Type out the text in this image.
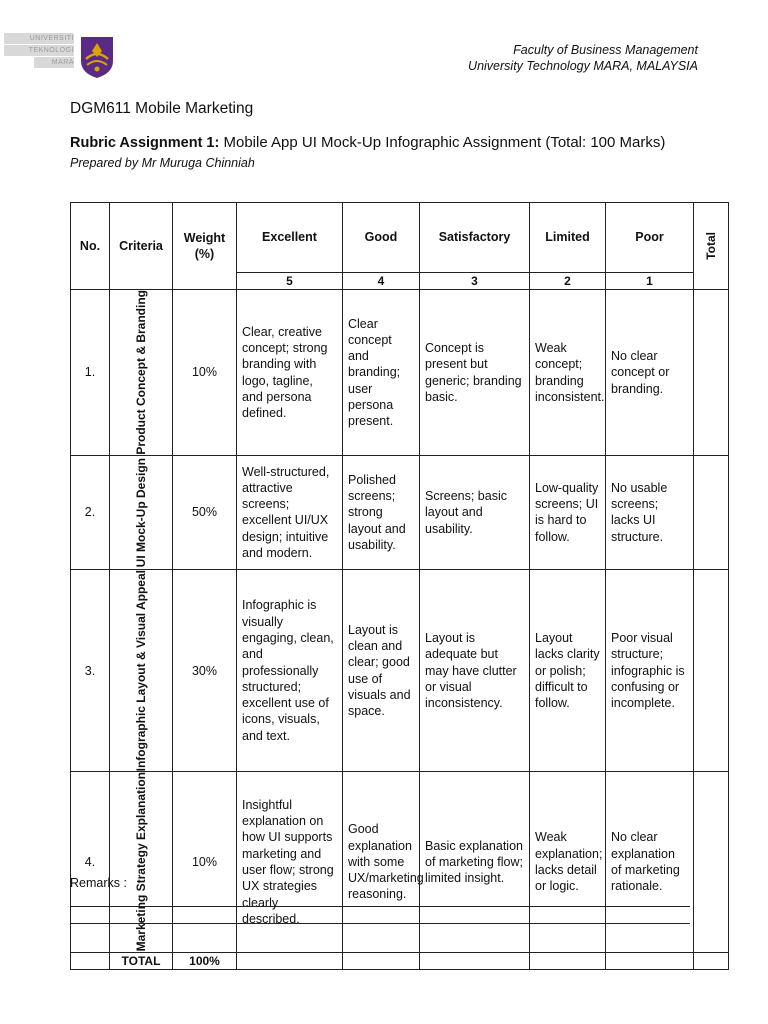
UNIVERSITI
TEKNOLOGI
MARA
Faculty of Business Management
University Technology MARA, MALAYSIA
DGM611 Mobile Marketing
Rubric Assignment 1: Mobile App UI Mock-Up Infographic Assignment (Total: 100 Marks)
Prepared by Mr Muruga Chinniah
No.	Criteria	Weight (%)	Excellent	Good	Satisfactory	Limited	Poor	Total

			5	4	3	2	1	
1.	Product Concept & Branding	10%	Clear, creative concept; strong branding with logo, tagline, and persona defined.	Clear concept and branding; user persona present.	Concept is present but generic; branding basic.	Weak concept; branding inconsistent.	No clear concept or branding.	
2.	UI Mock-Up Design	50%	Well-structured, attractive screens; excellent UI/UX design; intuitive and modern.	Polished screens; strong layout and usability.	Screens; basic layout and usability.	Low-quality screens; UI is hard to follow.	No usable screens; lacks UI structure.	
3.	Infographic Layout & Visual Appeal	30%	Infographic is visually engaging, clean, and professionally structured; excellent use of icons, visuals, and text.	Layout is clean and clear; good use of visuals and space.	Layout is adequate but may have clutter or visual inconsistency.	Layout lacks clarity or polish; difficult to follow.	Poor visual structure; infographic is confusing or incomplete.	
4.	Marketing Strategy Explanation	10%	Insightful explanation on how UI supports marketing and user flow; strong UX strategies clearly described.	Good explanation with some UX/marketing reasoning.	Basic explanation of marketing flow; limited insight.	Weak explanation; lacks detail or logic.	No clear explanation of marketing rationale.	
	TOTAL	100%						
Remarks :
